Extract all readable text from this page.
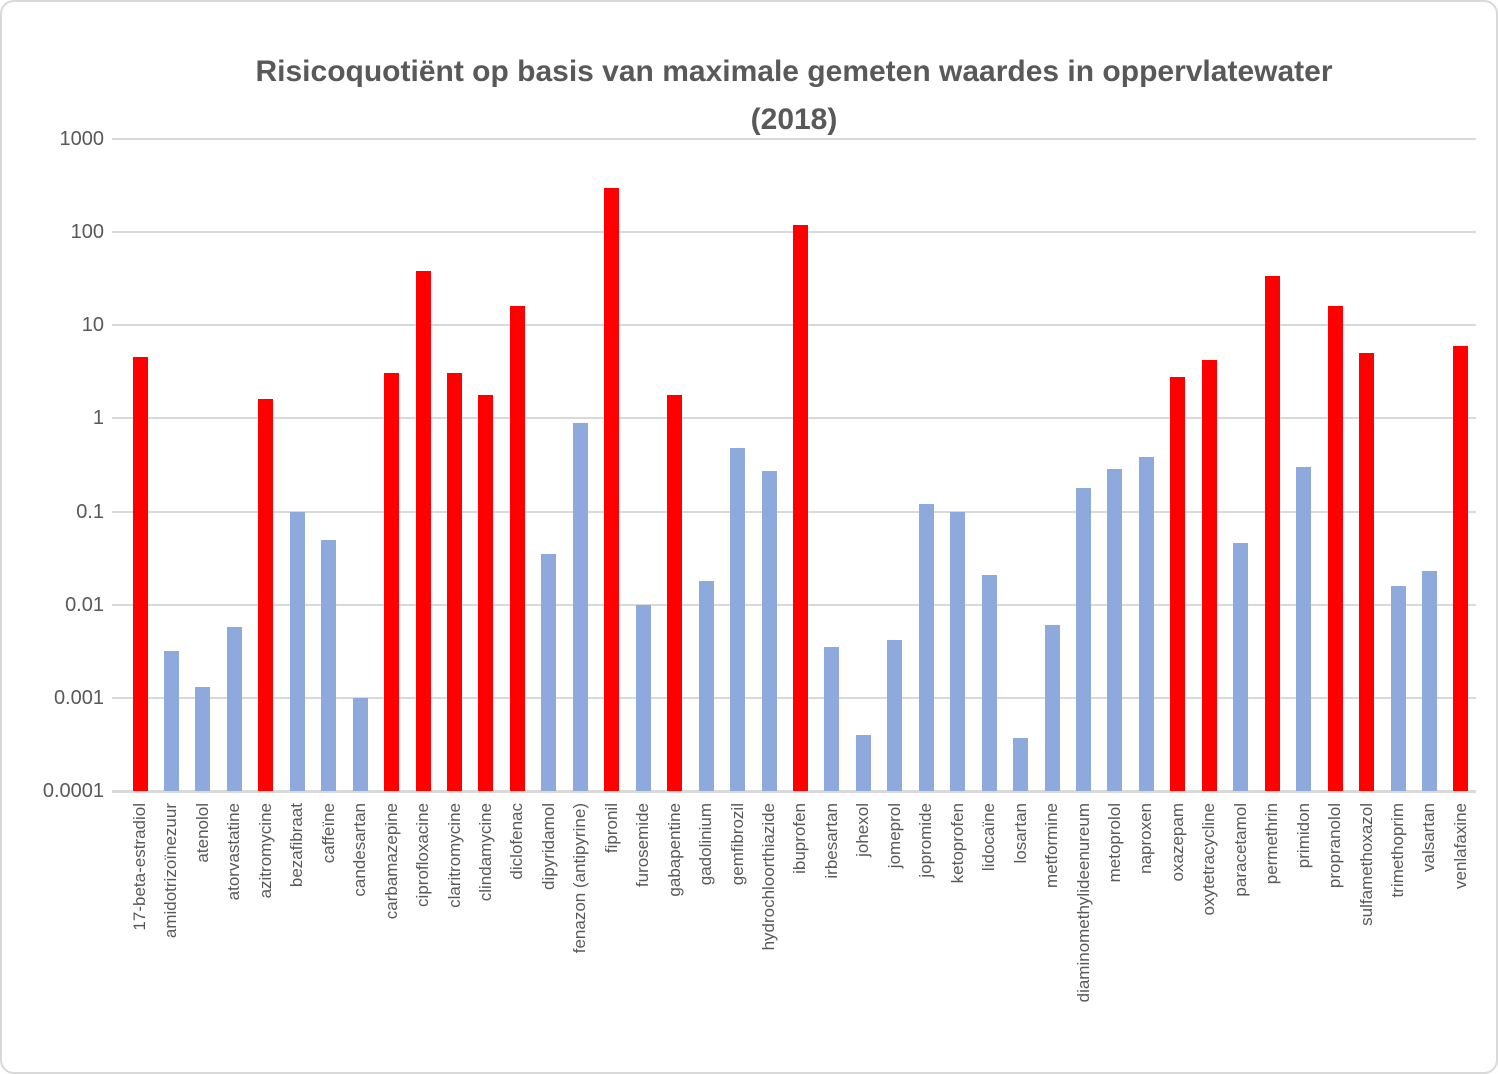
Risicoquotiënt op basis van maximale gemeten waardes in oppervlatewater
(2018)
1000
100
10
1
0.1
0.01
0.001
0.0001
17-beta-estradiol amidotrizoïnezuur atenolol atorvastatine azitromycine bezafibraat caffeïne candesartan carbamazepine ciprofloxacine claritromycine clindamycine diclofenac dipyridamol fenazon (antipyrine) fipronil furosemide gabapentine gadolinium gemfibrozil hydrochloorthiazide ibuprofen irbesartan johexol jomeprol jopromide ketoprofen lidocaïne losartan metformine diaminomethylideenureum metoprolol naproxen oxazepam oxytetracycline paracetamol permethrin primidon propranolol sulfamethoxazol trimethoprim valsartan venlafaxine
